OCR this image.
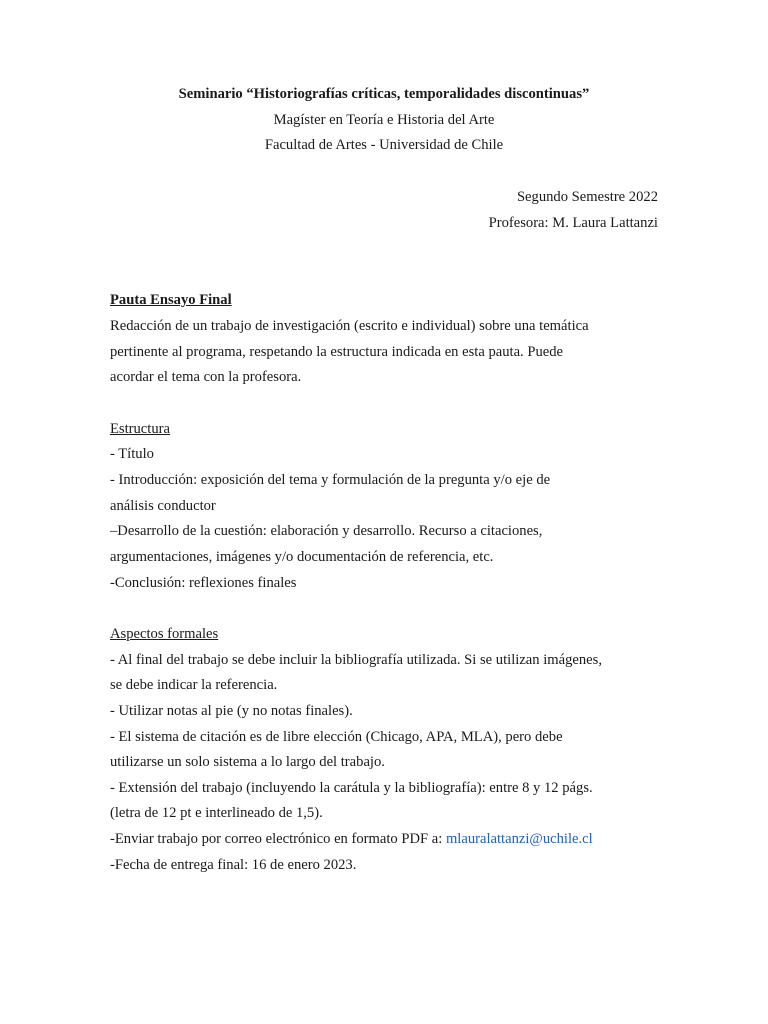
Seminario “Historiografías críticas, temporalidades discontinuas”
Magíster en Teoría e Historia del Arte
Facultad de Artes - Universidad de Chile
Segundo Semestre 2022
Profesora: M. Laura Lattanzi
Pauta Ensayo Final
Redacción de un trabajo de investigación (escrito e individual) sobre una temática
pertinente al programa, respetando la estructura indicada en esta pauta. Puede
acordar el tema con la profesora.
Estructura
- Título
- Introducción: exposición del tema y formulación de la pregunta y/o eje de
análisis conductor
–Desarrollo de la cuestión: elaboración y desarrollo. Recurso a citaciones,
argumentaciones, imágenes y/o documentación de referencia, etc.
-Conclusión: reflexiones finales
Aspectos formales
- Al final del trabajo se debe incluir la bibliografía utilizada. Si se utilizan imágenes,
se debe indicar la referencia.
- Utilizar notas al pie (y no notas finales).
- El sistema de citación es de libre elección (Chicago, APA, MLA), pero debe
utilizarse un solo sistema a lo largo del trabajo.
- Extensión del trabajo (incluyendo la carátula y la bibliografía): entre 8 y 12 págs.
(letra de 12 pt e interlineado de 1,5).
-Enviar trabajo por correo electrónico en formato PDF a: mlauralattanzi@uchile.cl
-Fecha de entrega final: 16 de enero 2023.
